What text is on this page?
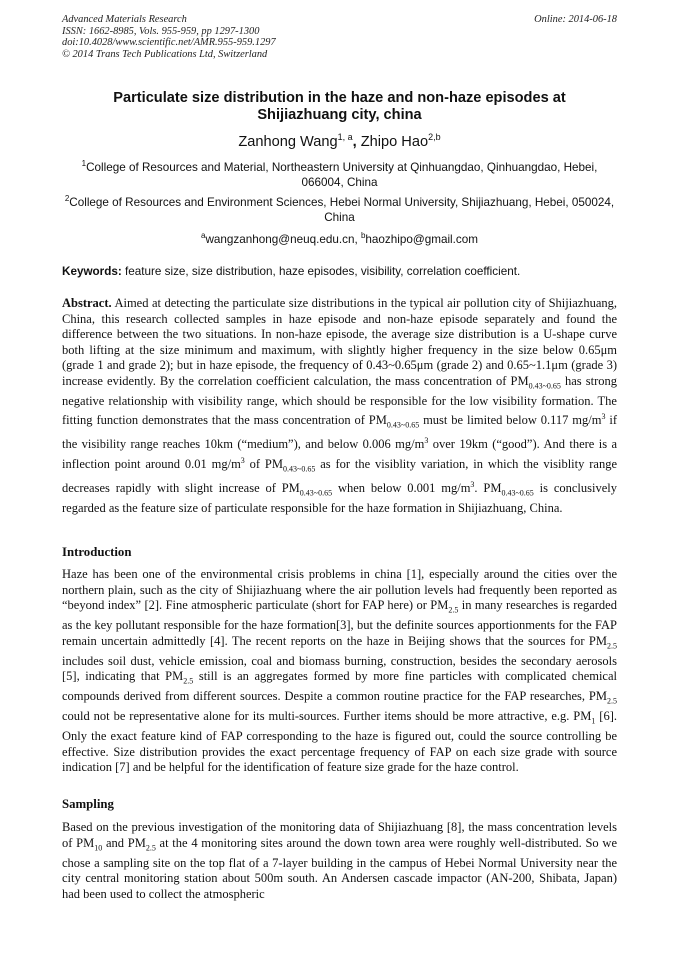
Advanced Materials Research
ISSN: 1662-8985, Vols. 955-959, pp 1297-1300
doi:10.4028/www.scientific.net/AMR.955-959.1297
© 2014 Trans Tech Publications Ltd, Switzerland
Online: 2014-06-18
Particulate size distribution in the haze and non-haze episodes at
Shijiazhuang city, china
Zanhong Wang$^{1, a}$, Zhipo Hao$^{2,b}$
$^1$College of Resources and Material, Northeastern University at Qinhuangdao, Qinhuangdao, Hebei, 066004, China
$^2$College of Resources and Environment Sciences, Hebei Normal University, Shijiazhuang, Hebei, 050024, China
$^a$wangzanhong@neuq.edu.cn, $^b$haozhipo@gmail.com
Keywords: feature size, size distribution, haze episodes, visibility, correlation coefficient.
Abstract. Aimed at detecting the particulate size distributions in the typical air pollution city of Shijiazhuang, China, this research collected samples in haze episode and non-haze episode separately and found the difference between the two situations. In non-haze episode, the average size distribution is a U-shape curve both lifting at the size minimum and maximum, with slightly higher frequency in the size below 0.65μm (grade 1 and grade 2); but in haze episode, the frequency of 0.43~0.65μm (grade 2) and 0.65~1.1μm (grade 3) increase evidently. By the correlation coefficient calculation, the mass concentration of $PM_{0.43\sim 0.65}$ has strong negative relationship with visibility range, which should be responsible for the low visibility formation. The fitting function demonstrates that the mass concentration of $PM_{0.43\sim 0.65}$ must be limited below 0.117 $mg/m^3$ if the visibility range reaches 10km (“medium”), and below 0.006 $mg/m^3$ over 19km (“good”). And there is a inflection point around 0.01 $mg/m^3$ of $PM_{0.43\sim 0.65}$ as for the visiblity variation, in which the visiblity range decreases rapidly with slight increase of $PM_{0.43\sim 0.65}$ when below 0.001 $mg/m^3$. $PM_{0.43\sim 0.65}$ is conclusively regarded as the feature size of particulate responsible for the haze formation in Shijiazhuang, China.
Introduction
Haze has been one of the environmental crisis problems in china [1], especially around the cities over the northern plain, such as the city of Shijiazhuang where the air pollution levels had frequently been reported as “beyond index” [2]. Fine atmospheric particulate (short for FAP here) or $PM_{2.5}$ in many researches is regarded as the key pollutant responsible for the haze formation[3], but the definite sources apportionments for the FAP remain uncertain admittedly [4]. The recent reports on the haze in Beijing shows that the sources for $PM_{2.5}$ includes soil dust, vehicle emission, coal and biomass burning, construction, besides the secondary aerosols [5], indicating that $PM_{2.5}$ still is an aggregates formed by more fine particles with complicated chemical compounds derived from different sources. Despite a common routine practice for the FAP researches, $PM_{2.5}$ could not be representative alone for its multi-sources. Further items should be more attractive, e.g. $PM_1$ [6]. Only the exact feature kind of FAP corresponding to the haze is figured out, could the source controlling be effective. Size distribution provides the exact percentage frequency of FAP on each size grade with source indication [7] and be helpful for the identification of feature size grade for the haze control.
Sampling
Based on the previous investigation of the monitoring data of Shijiazhuang [8], the mass concentration levels of $PM_{10}$ and $PM_{2.5}$ at the 4 monitoring sites around the down town area were roughly well-distributed. So we chose a sampling site on the top flat of a 7-layer building in the campus of Hebei Normal University near the city central monitoring station about 500m south. An Andersen cascade impactor (AN-200, Shibata, Japan) had been used to collect the atmospheric
